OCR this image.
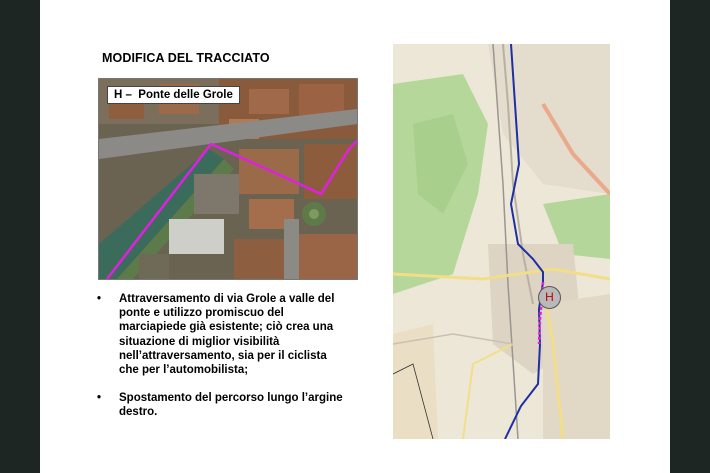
MODIFICA DEL TRACCIATO
H –  Ponte delle Grole
• Attraversamento di via Grole a valle del ponte e utilizzo promiscuo del marciapiede già esistente; ciò crea una situazione di miglior visibilità nell’attraversamento, sia per il ciclista che per l’automobilista;
• Spostamento del percorso lungo l’argine destro.
H
